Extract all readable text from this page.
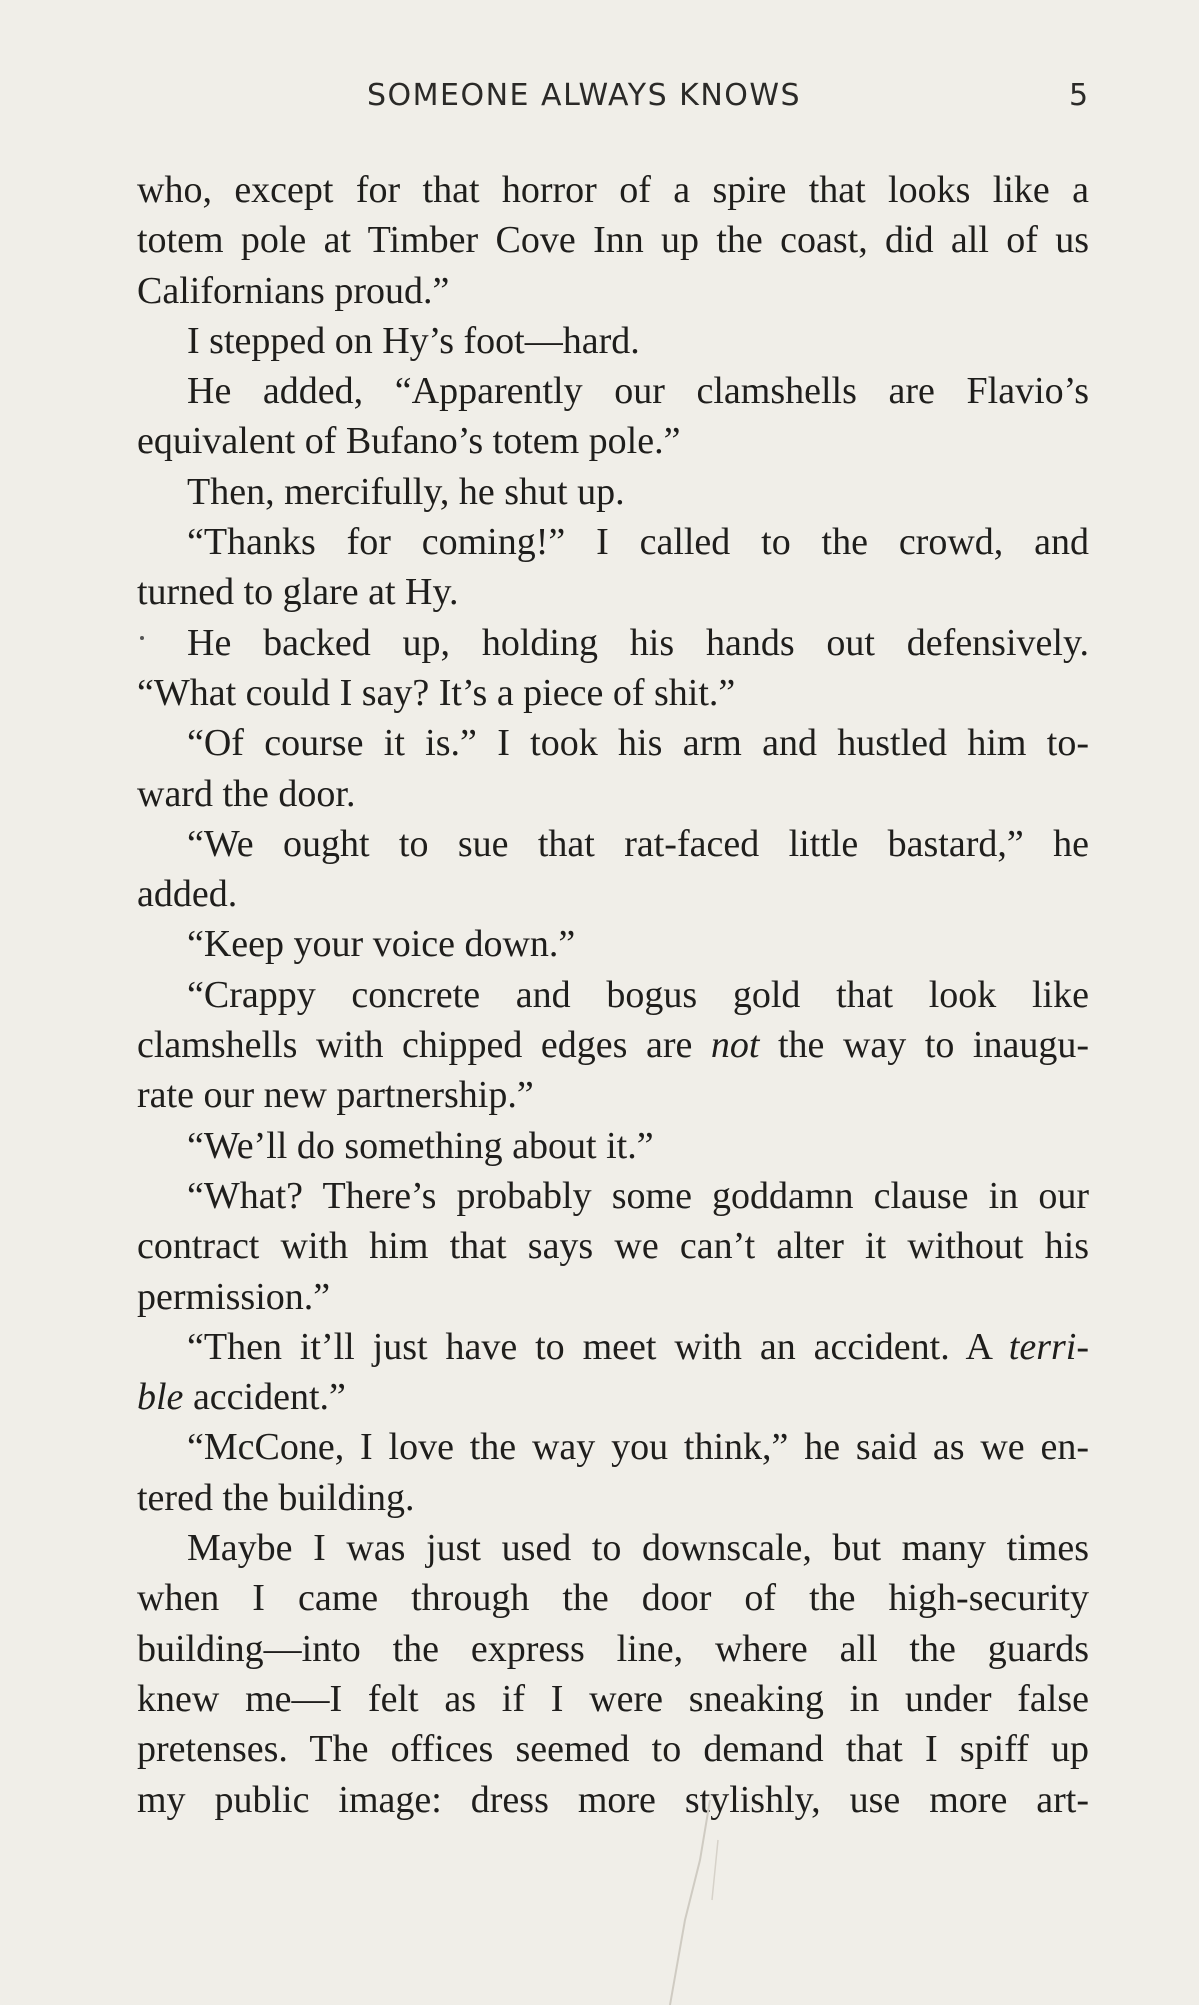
SOMEONE ALWAYS KNOWS	5
who, except for that horror of a spire that looks like a
totem pole at Timber Cove Inn up the coast, did all of us
Californians proud.”
I stepped on Hy’s foot—hard.
He added, “Apparently our clamshells are Flavio’s
equivalent of Bufano’s totem pole.”
Then, mercifully, he shut up.
“Thanks for coming!” I called to the crowd, and
turned to glare at Hy.
He backed up, holding his hands out defensively.
“What could I say? It’s a piece of shit.”
“Of course it is.” I took his arm and hustled him to-
ward the door.
“We ought to sue that rat-faced little bastard,” he
added.
“Keep your voice down.”
“Crappy concrete and bogus gold that look like
clamshells with chipped edges are not the way to inaugu-
rate our new partnership.”
“We’ll do something about it.”
“What? There’s probably some goddamn clause in our
contract with him that says we can’t alter it without his
permission.”
“Then it’ll just have to meet with an accident. A terri-
ble accident.”
“McCone, I love the way you think,” he said as we en-
tered the building.
Maybe I was just used to downscale, but many times
when I came through the door of the high-security
building—into the express line, where all the guards
knew me—I felt as if I were sneaking in under false
pretenses. The offices seemed to demand that I spiff up
my public image: dress more stylishly, use more art-
